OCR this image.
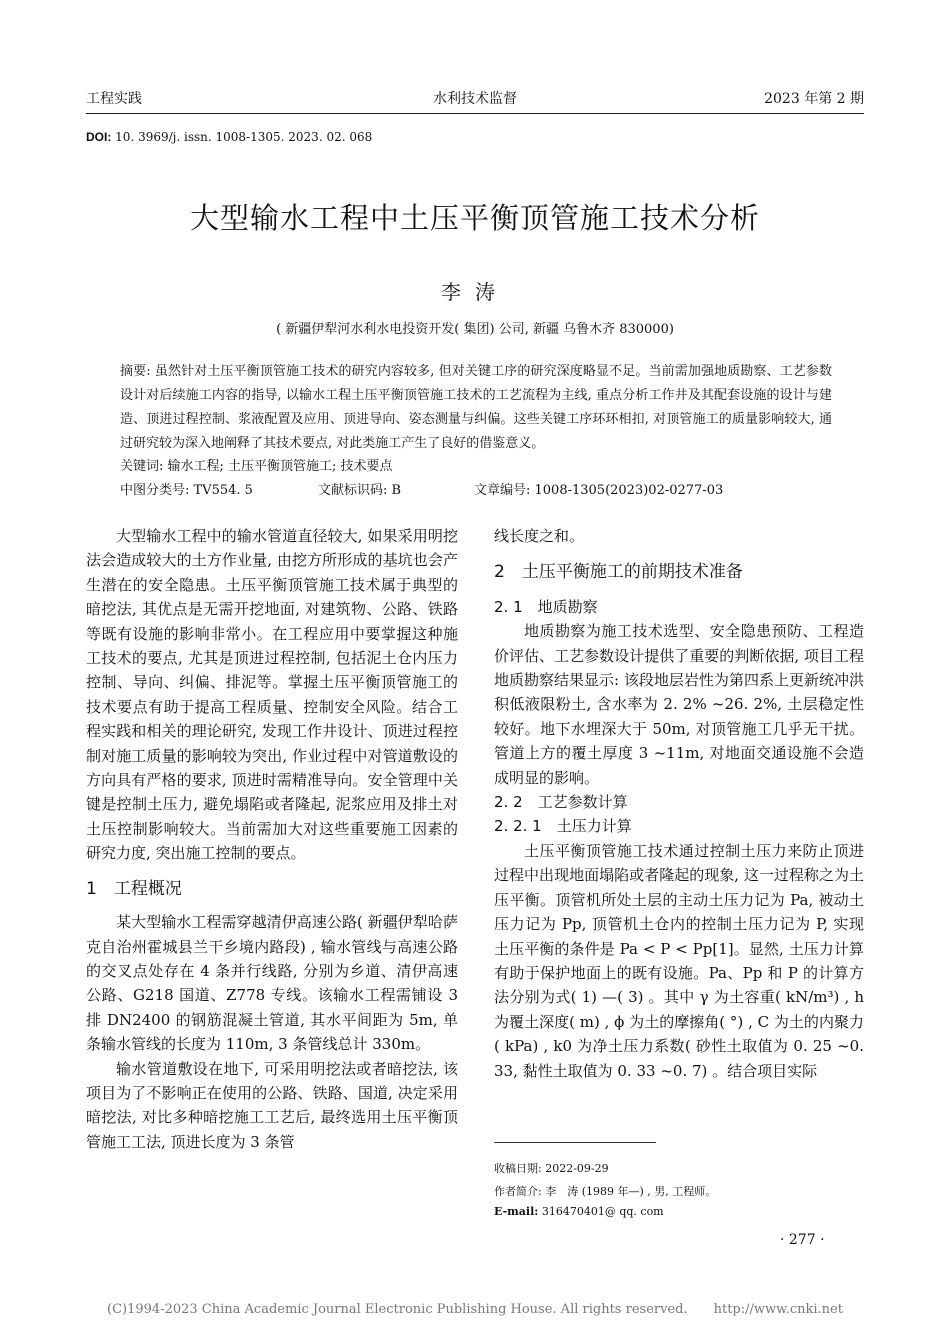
工程实践	水利技术监督	2023 年第 2 期
DOI: 10. 3969/j. issn. 1008-1305. 2023. 02. 068
大型输水工程中土压平衡顶管施工技术分析
李涛
( 新疆伊犁河水利水电投资开发( 集团) 公司, 新疆 乌鲁木齐 830000)
摘要: 虽然针对土压平衡顶管施工技术的研究内容较多, 但对关键工序的研究深度略显不足。当前需加强地质勘察、工艺参数设计对后续施工内容的指导, 以输水工程土压平衡顶管施工技术的工艺流程为主线, 重点分析工作井及其配套设施的设计与建造、顶进过程控制、浆液配置及应用、顶进导向、姿态测量与纠偏。这些关键工序环环相扣, 对顶管施工的质量影响较大, 通过研究较为深入地阐释了其技术要点, 对此类施工产生了良好的借鉴意义。
关键词: 输水工程; 土压平衡顶管施工; 技术要点
中图分类号: TV554. 5	文献标识码: B	文章编号: 1008-1305(2023)02-0277-03

大型输水工程中的输水管道直径较大, 如果采用明挖法会造成较大的土方作业量, 由挖方所形成的基坑也会产生潜在的安全隐患。土压平衡顶管施工技术属于典型的暗挖法, 其优点是无需开挖地面, 对建筑物、公路、铁路等既有设施的影响非常小。在工程应用中要掌握这种施工技术的要点, 尤其是顶进过程控制, 包括泥土仓内压力控制、导向、纠偏、排泥等。掌握土压平衡顶管施工的技术要点有助于提高工程质量、控制安全风险。结合工程实践和相关的理论研究, 发现工作井设计、顶进过程控制对施工质量的影响较为突出, 作业过程中对管道敷设的方向具有严格的要求, 顶进时需精准导向。安全管理中关键是控制土压力, 避免塌陷或者隆起, 泥浆应用及排土对土压控制影响较大。当前需加大对这些重要施工因素的研究力度, 突出施工控制的要点。

1　工程概况

某大型输水工程需穿越清伊高速公路( 新疆伊犁哈萨克自治州霍城县兰干乡境内路段) , 输水管线与高速公路的交叉点处存在 4 条并行线路, 分别为乡道、清伊高速公路、G218 国道、Z778 专线。该输水工程需铺设 3 排 DN2400 的钢筋混凝土管道, 其水平间距为 5m, 单条输水管线的长度为 110m, 3 条管线总计 330m。

输水管道敷设在地下, 可采用明挖法或者暗挖法, 该项目为了不影响正在使用的公路、铁路、国道, 决定采用暗挖法, 对比多种暗挖施工工艺后, 最终选用土压平衡顶管施工工法, 顶进长度为 3 条管

线长度之和。

2　土压平衡施工的前期技术准备
2. 1　地质勘察

地质勘察为施工技术选型、安全隐患预防、工程造价评估、工艺参数设计提供了重要的判断依据, 项目工程地质勘察结果显示: 该段地层岩性为第四系上更新统冲洪积低液限粉土, 含水率为 2. 2% ~26. 2%, 土层稳定性较好。地下水埋深大于 50m, 对顶管施工几乎无干扰。管道上方的覆土厚度 3 ~11m, 对地面交通设施不会造成明显的影响。

2. 2　工艺参数计算
2. 2. 1　土压力计算

土压平衡顶管施工技术通过控制土压力来防止顶进过程中出现地面塌陷或者隆起的现象, 这一过程称之为土压平衡。顶管机所处土层的主动土压力记为 Pa, 被动土压力记为 Pp, 顶管机土仓内的控制土压力记为 P, 实现土压平衡的条件是 Pa < P < Pp[1]。显然, 土压力计算有助于保护地面上的既有设施。Pa、Pp 和 P 的计算方法分别为式( 1) —( 3) 。其中 γ 为土容重( kN/m³) , h 为覆土深度( m) , ϕ 为土的摩擦角( °) , C 为土的内聚力( kPa) , k0 为净土压力系数( 砂性土取值为 0. 25 ~0. 33, 黏性土取值为 0. 33 ~0. 7) 。结合项目实际

收稿日期: 2022-09-29
作者简介: 李　涛 (1989 年—) , 男, 工程师。
E-mail: 316470401@ qq. com
· 277 ·
(C)1994-2023 China Academic Journal Electronic Publishing House. All rights reserved.　　http://www.cnki.net
